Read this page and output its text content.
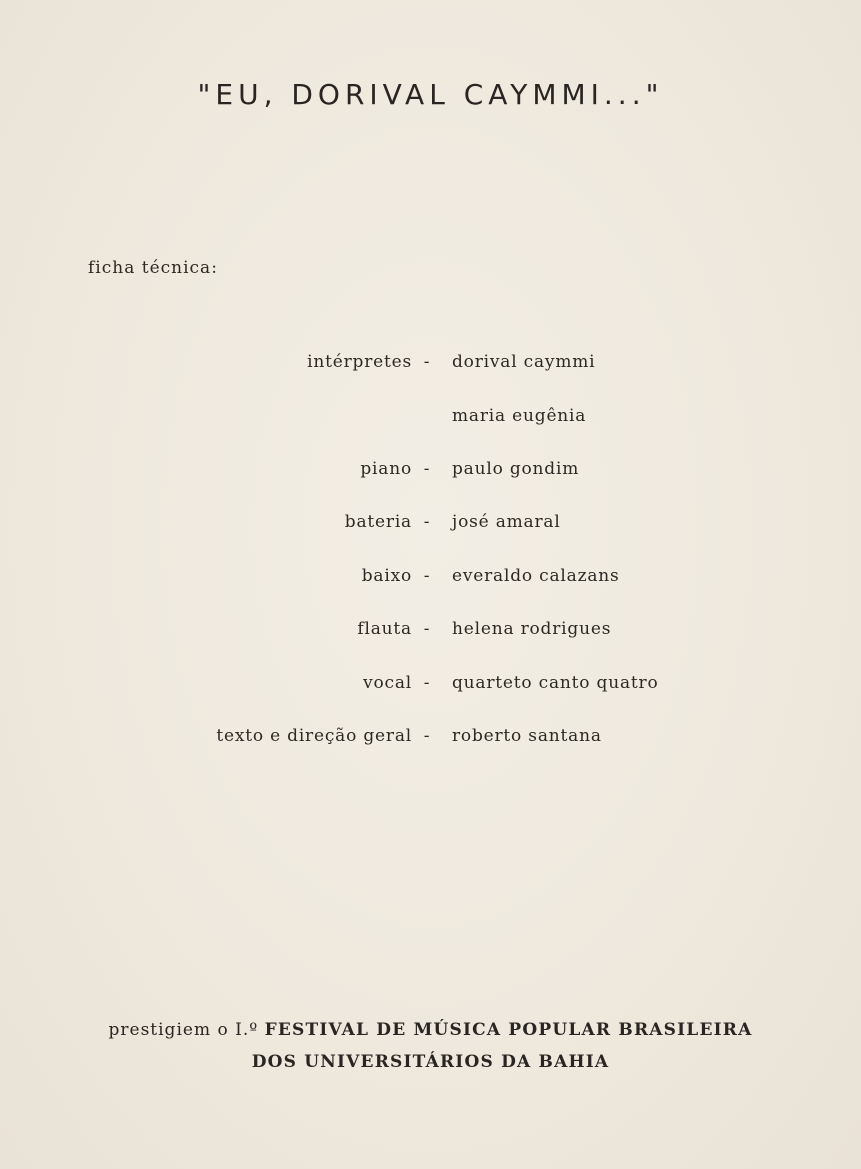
"EU, DORIVAL CAYMMI..."
ficha técnica:
intérpretes - dorival caymmi
maria eugênia
piano - paulo gondim
bateria - josé amaral
baixo - everaldo calazans
flauta - helena rodrigues
vocal - quarteto canto quatro
texto e direção geral - roberto santana
prestigiem o I.º FESTIVAL DE MÚSICA POPULAR BRASILEIRA
DOS UNIVERSITÁRIOS DA BAHIA
